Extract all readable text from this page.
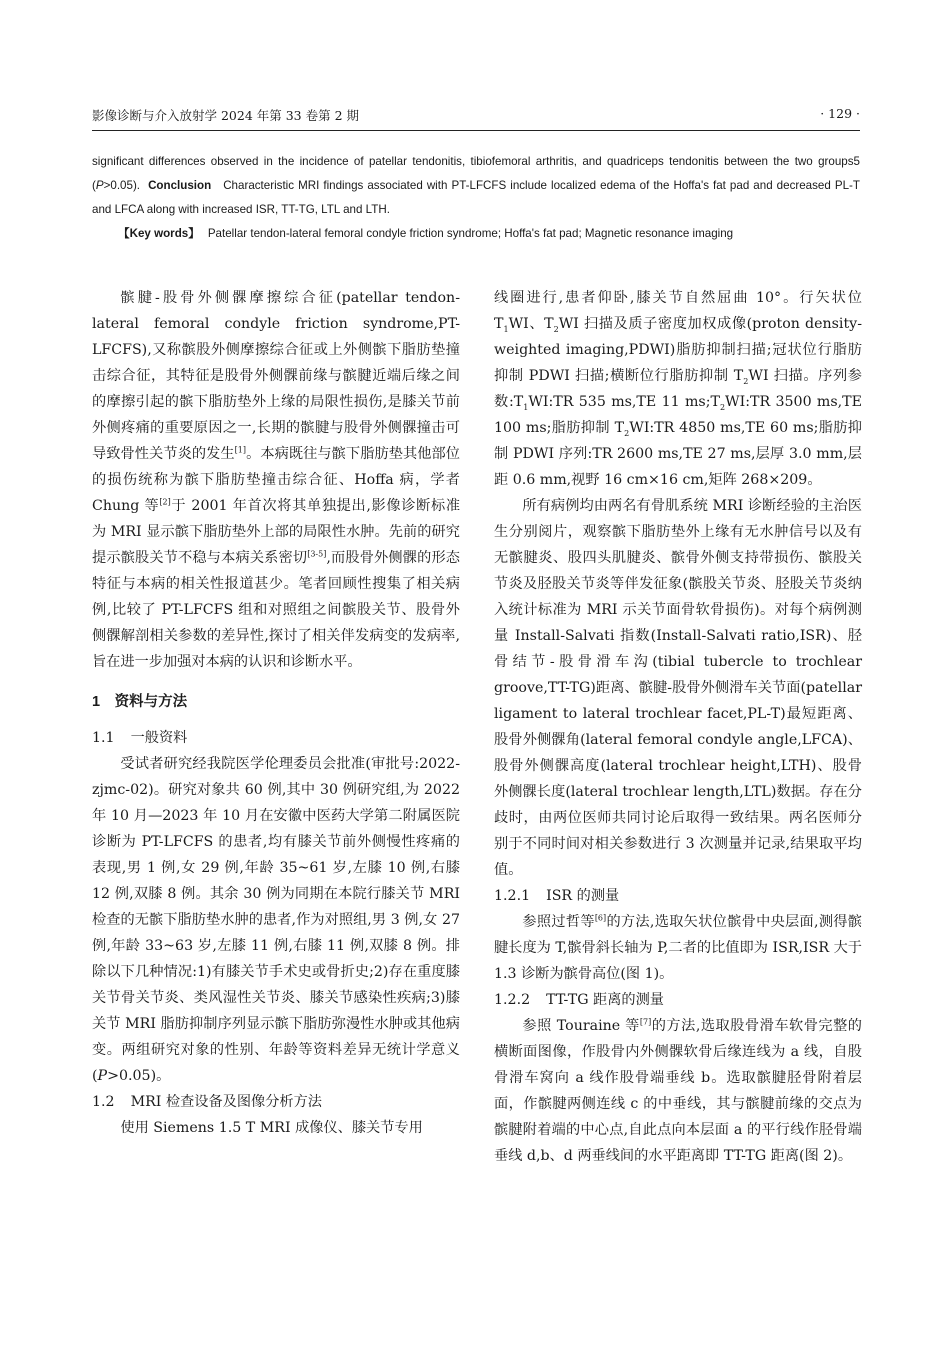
影像诊断与介入放射学 2024 年第 33 卷第 2 期	· 129 ·
significant differences observed in the incidence of patellar tendonitis, tibiofemoral arthritis, and quadriceps tendonitis between the two groups5 (P>0.05). Conclusion Characteristic MRI findings associated with PT-LFCFS include localized edema of the Hoffa's fat pad and decreased PL-T and LFCA along with increased ISR, TT-TG, LTL and LTH.
【Key words】 Patellar tendon-lateral femoral condyle friction syndrome; Hoffa's fat pad; Magnetic resonance imaging

髌腱-股骨外侧髁摩擦综合征(patellar tendon-lateral femoral condyle friction syndrome,PT-LFCFS),又称髌股外侧摩擦综合征或上外侧髌下脂肪垫撞击综合征，其特征是股骨外侧髁前缘与髌腱近端后缘之间的摩擦引起的髌下脂肪垫外上缘的局限性损伤,是膝关节前外侧疼痛的重要原因之一,长期的髌腱与股骨外侧髁撞击可导致骨性关节炎的发生[1]。本病既往与髌下脂肪垫其他部位的损伤统称为髌下脂肪垫撞击综合征、Hoffa 病，学者 Chung 等[2]于 2001 年首次将其单独提出,影像诊断标准为 MRI 显示髌下脂肪垫外上部的局限性水肿。先前的研究提示髌股关节不稳与本病关系密切[3-5],而股骨外侧髁的形态特征与本病的相关性报道甚少。笔者回顾性搜集了相关病例,比较了 PT-LFCFS 组和对照组之间髌股关节、股骨外侧髁解剖相关参数的差异性,探讨了相关伴发病变的发病率,旨在进一步加强对本病的认识和诊断水平。

1　资料与方法
1.1 一般资料

受试者研究经我院医学伦理委员会批准(审批号:2022-zjmc-02)。研究对象共 60 例,其中 30 例研究组,为 2022 年 10 月—2023 年 10 月在安徽中医药大学第二附属医院诊断为 PT-LFCFS 的患者,均有膝关节前外侧慢性疼痛的表现,男 1 例,女 29 例,年龄 35~61 岁,左膝 10 例,右膝 12 例,双膝 8 例。其余 30 例为同期在本院行膝关节 MRI 检查的无髌下脂肪垫水肿的患者,作为对照组,男 3 例,女 27 例,年龄 33~63 岁,左膝 11 例,右膝 11 例,双膝 8 例。排除以下几种情况:1)有膝关节手术史或骨折史;2)存在重度膝关节骨关节炎、类风湿性关节炎、膝关节感染性疾病;3)膝关节 MRI 脂肪抑制序列显示髌下脂肪弥漫性水肿或其他病变。两组研究对象的性别、年龄等资料差异无统计学意义(P>0.05)。

1.2 MRI 检查设备及图像分析方法

使用 Siemens 1.5 T MRI 成像仪、膝关节专用

线圈进行,患者仰卧,膝关节自然屈曲 10°。行矢状位 $T_1WI$、$T_2WI$ 扫描及质子密度加权成像(proton density-weighted imaging,PDWI)脂肪抑制扫描;冠状位行脂肪抑制 PDWI 扫描;横断位行脂肪抑制 $T_2WI$ 扫描。序列参数$:T_1WI:TR$ 535 ms,TE 11 $ms;T_2WI:TR$ 3500 ms,TE 100 ms;脂肪抑制 $T_2WI:TR$ 4850 ms,TE 60 ms;脂肪抑制 PDWI 序列:TR 2600 ms,TE 27 ms,层厚 3.0 mm,层距 0.6 mm,视野 16 cm×16 cm,矩阵 268×209。

所有病例均由两名有骨肌系统 MRI 诊断经验的主治医生分别阅片，观察髌下脂肪垫外上缘有无水肿信号以及有无髌腱炎、股四头肌腱炎、髌骨外侧支持带损伤、髌股关节炎及胫股关节炎等伴发征象(髌股关节炎、胫股关节炎纳入统计标准为 MRI 示关节面骨软骨损伤)。对每个病例测量 Install-Salvati 指数(Install-Salvati ratio,ISR)、胫骨结节-股骨滑车沟(tibial tubercle to trochlear groove,TT-TG)距离、髌腱-股骨外侧滑车关节面(patellar ligament to lateral trochlear facet,PL-T)最短距离、股骨外侧髁角(lateral femoral condyle angle,LFCA)、股骨外侧髁高度(lateral trochlear height,LTH)、股骨外侧髁长度(lateral trochlear length,LTL)数据。存在分歧时，由两位医师共同讨论后取得一致结果。两名医师分别于不同时间对相关参数进行 3 次测量并记录,结果取平均值。

1.2.1 ISR 的测量

参照过哲等[6]的方法,选取矢状位髌骨中央层面,测得髌腱长度为 T,髌骨斜长轴为 P,二者的比值即为 ISR,ISR 大于 1.3 诊断为髌骨高位(图 1)。

1.2.2 TT-TG 距离的测量

参照 Touraine 等[7]的方法,选取股骨滑车软骨完整的横断面图像，作股骨内外侧髁软骨后缘连线为 a 线，自股骨滑车窝向 a 线作股骨端垂线 b。选取髌腱胫骨附着层面，作髌腱两侧连线 c 的中垂线，其与髌腱前缘的交点为髌腱附着端的中心点,自此点向本层面 a 的平行线作胫骨端垂线 d,b、d 两垂线间的水平距离即 TT-TG 距离(图 2)。
